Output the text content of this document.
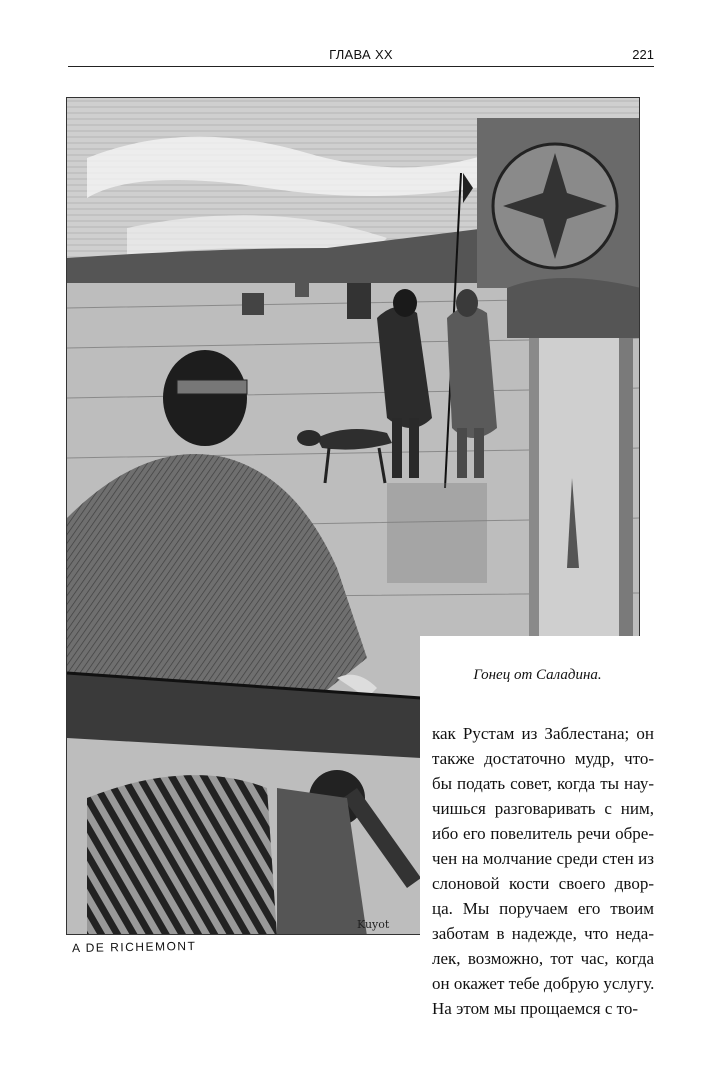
ГЛАВА XX	221
Kuyot
Гонец от Саладина.
как Рустам из Заблестана; он
также достаточно мудр, что-
бы подать совет, когда ты нау-
чишься разговаривать с ним,
ибо его повелитель речи обре-
чен на молчание среди стен из
слоновой кости своего двор-
ца. Мы поручаем его твоим
заботам в надежде, что неда-
лек, возможно, тот час, когда
он окажет тебе добрую услугу.
На этом мы прощаемся с то-
A DE RICHEMONT
